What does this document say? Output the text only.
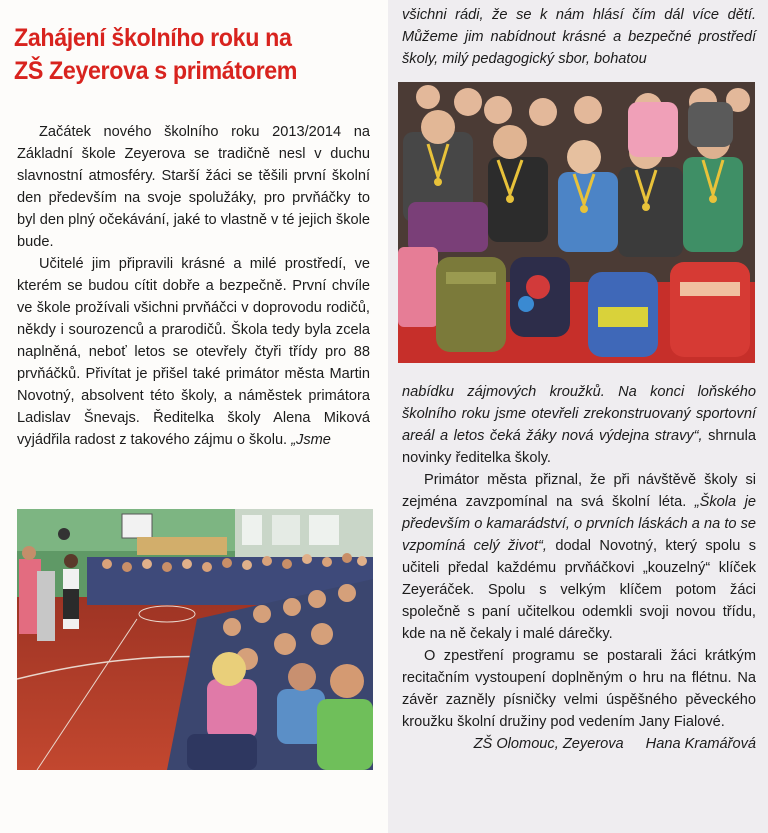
Zahájení školního roku na
ZŠ Zeyerova s primátorem

Začátek nového školního roku 2013/2014 na Základní škole Zeyerova se tradičně nesl v duchu slavnostní atmosféry. Starší žáci se těšili první školní den především na svoje spolužáky, pro prvňáčky to byl den plný očekávání, jaké to vlastně v té jejich škole bude.

Učitelé jim připravili krásné a milé prostředí, ve kterém se budou cítit dobře a bezpečně. První chvíle ve škole prožívali všichni prvňáčci v doprovodu rodičů, někdy i sourozenců a prarodičů. Škola tedy byla zcela naplněná, neboť letos se otevřely čtyři třídy pro 88 prvňáčků. Přivítat je přišel také primátor města Martin Novotný, absolvent této školy, a náměstek primátora Ladislav Šnevajs. Ředitelka školy Alena Miková vyjádřila radost z takového zájmu o školu. „Jsme

všichni rádi, že se k nám hlásí čím dál více dětí. Můžeme jim nabídnout krásné a bezpečné prostředí školy, milý pedagogický sbor, bohatou

nabídku zájmových kroužků. Na konci loňského školního roku jsme otevřeli zrekonstruovaný sportovní areál a letos čeká žáky nová výdejna stravy“, shrnula novinky ředitelka školy.

Primátor města přiznal, že při návštěvě školy si zejména zavzpomínal na svá školní léta. „Škola je především o kamarádství, o prvních láskách a na to se vzpomíná celý život“, dodal Novotný, který spolu s učiteli předal každému prvňáčkovi „kouzelný“ klíček Zeyeráček. Spolu s velkým klíčem potom žáci společně s paní učitelkou odemkli svoji novou třídu, kde na ně čekaly i malé dárečky.

O zpestření programu se postarali žáci krátkým recitačním vystoupení doplněným o hru na flétnu. Na závěr zazněly písničky velmi úspěšného pěveckého kroužku školní družiny pod vedením Jany Fialové.
Hana Kramářová

ZŠ Olomouc, Zeyerova
